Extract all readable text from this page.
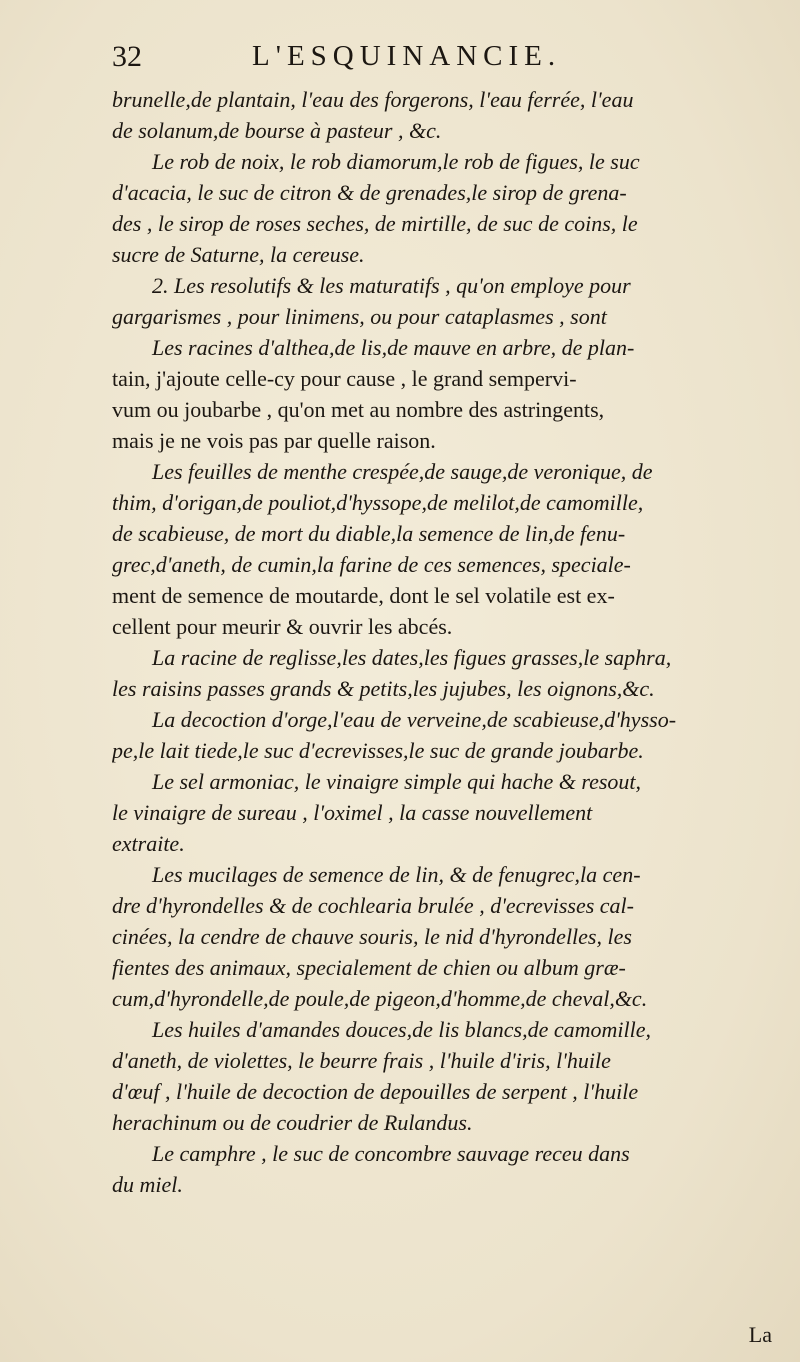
32	L'ESQUINANCIE.
brunelle,de plantain, l'eau des forgerons, l'eau ferrée, l'eau
de solanum,de bourse à pasteur , &c.
Le rob de noix, le rob diamorum,le rob de figues, le suc
d'acacia, le suc de citron & de grenades,le sirop de grena-
des , le sirop de roses seches, de mirtille, de suc de coins, le
sucre de Saturne, la cereuse.
2. Les resolutifs & les maturatifs , qu'on employe pour
gargarismes , pour linimens, ou pour cataplasmes , sont
Les racines d'althea,de lis,de mauve en arbre, de plan-
tain, j'ajoute celle-cy pour cause , le grand sempervi-
vum ou joubarbe , qu'on met au nombre des astringents,
mais je ne vois pas par quelle raison.
Les feuilles de menthe crespée,de sauge,de veronique, de
thim, d'origan,de pouliot,d'hyssope,de melilot,de camomille,
de scabieuse, de mort du diable,la semence de lin,de fenu-
grec,d'aneth, de cumin,la farine de ces semences, speciale-
ment de semence de moutarde, dont le sel volatile est ex-
cellent pour meurir & ouvrir les abcés.
La racine de reglisse,les dates,les figues grasses,le saphra,
les raisins passes grands & petits,les jujubes, les oignons,&c.
La decoction d'orge,l'eau de verveine,de scabieuse,d'hysso-
pe,le lait tiede,le suc d'ecrevisses,le suc de grande joubarbe.
Le sel armoniac, le vinaigre simple qui hache & resout,
le vinaigre de sureau , l'oximel , la casse nouvellement
extraite.
Les mucilages de semence de lin, & de fenugrec,la cen-
dre d'hyrondelles & de cochlearia brulée , d'ecrevisses cal-
cinées, la cendre de chauve souris, le nid d'hyrondelles, les
fientes des animaux, specialement de chien ou album græ-
cum,d'hyrondelle,de poule,de pigeon,d'homme,de cheval,&c.
Les huiles d'amandes douces,de lis blancs,de camomille,
d'aneth, de violettes, le beurre frais , l'huile d'iris, l'huile
d'œuf , l'huile de decoction de depouilles de serpent , l'huile
herachinum ou de coudrier de Rulandus.
Le camphre , le suc de concombre sauvage receu dans
du miel.
La
